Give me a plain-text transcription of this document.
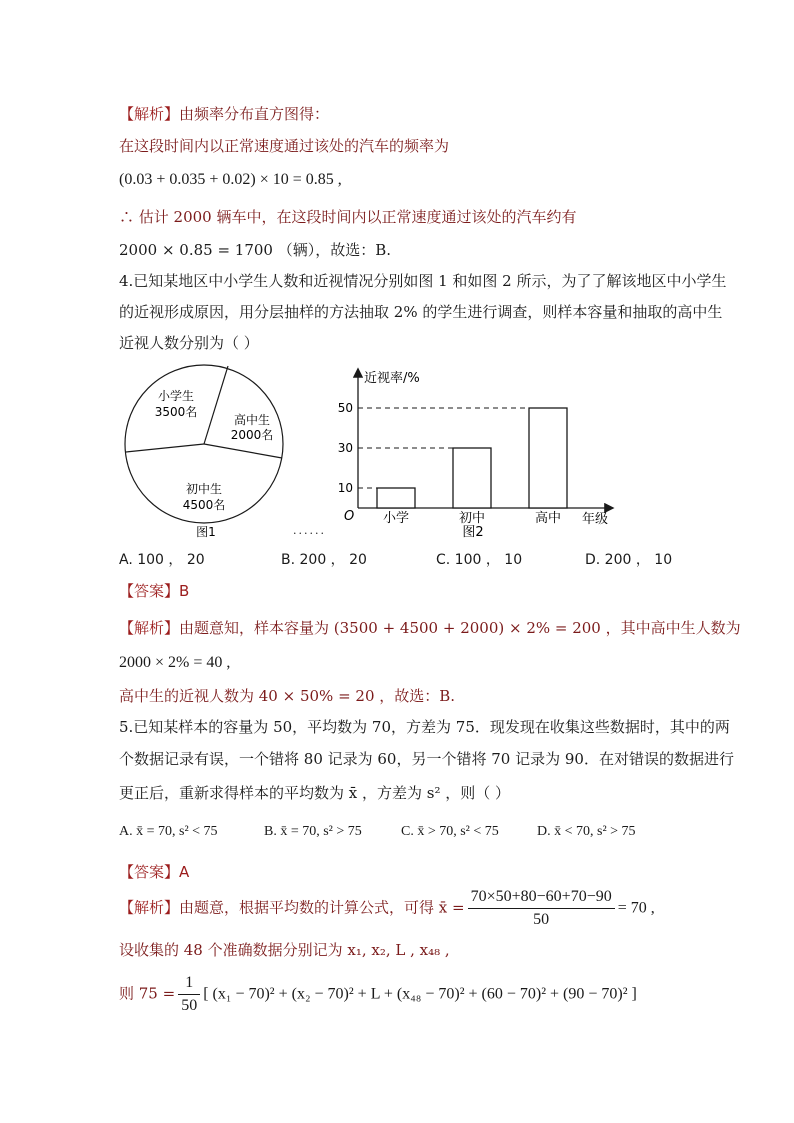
【解析】由频率分布直方图得：
在这段时间内以正常速度通过该处的汽车的频率为
(0.03 + 0.035 + 0.02) × 10 = 0.85 ,
∴ 估计 2000 辆车中，在这段时间内以正常速度通过该处的汽车约有
2000 × 0.85 = 1700 （辆），故选：B.
4.已知某地区中小学生人数和近视情况分别如图 1 和如图 2 所示，为了了解该地区中小学生
的近视形成原因，用分层抽样的方法抽取 2% 的学生进行调查，则样本容量和抽取的高中生
近视人数分别为（ ）
小学生
3500名
高中生
2000名
初中生
4500名
图1	......
近视率/%
年级
O
图2
10
30
50
小学	初中	高中
A. 100 ， 20	B. 200 ， 20	C. 100 ， 10	D. 200 ， 10
【答案】B
【解析】由题意知，样本容量为 (3500 + 4500 + 2000) × 2% = 200 ，其中高中生人数为
2000 × 2% = 40 ,
高中生的近视人数为 40 × 50% = 20 ，故选：B.
5.已知某样本的容量为 50，平均数为 70，方差为 75．现发现在收集这些数据时，其中的两
个数据记录有误，一个错将 80 记录为 60，另一个错将 70 记录为 90．在对错误的数据进行
更正后，重新求得样本的平均数为 x̄ ，方差为 s² ，则（ ）
A. x̄ = 70, s² < 75	B. x̄ = 70, s² > 75	C. x̄ > 70, s² < 75	D. x̄ < 70, s² > 75
【答案】A
【解析】由题意，根据平均数的计算公式，可得 x̄ = $\frac{70\times 50+80-60+70-90}{50} = 70$ ,
设收集的 48 个准确数据分别记为 x₁, x₂, L , x₄₈ ,
则 $75 = \frac{1}{50}$ [ (x₁ − 70)² + (x₂ − 70)² + L + (x₄₈ − 70)² + (60 − 70)² + (90 − 70)² ]
